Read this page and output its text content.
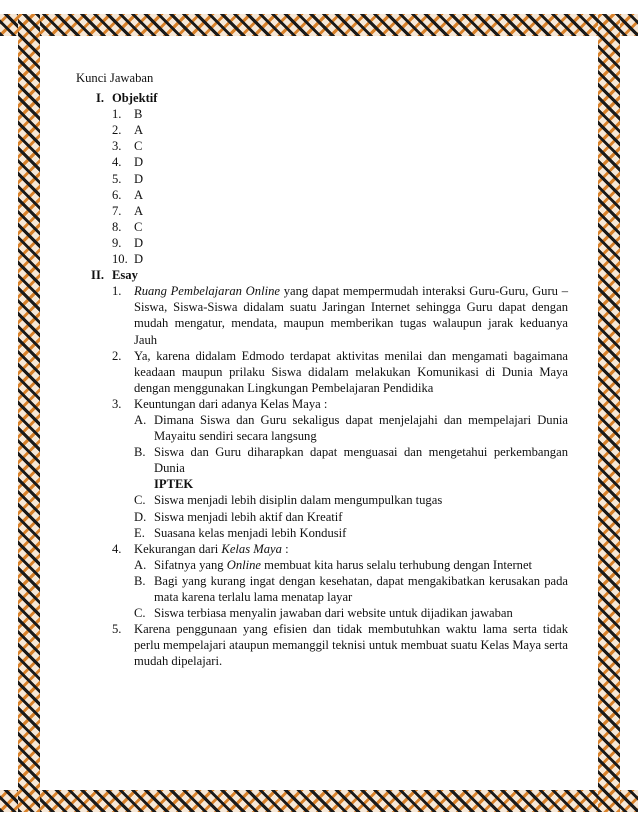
Kunci Jawaban
I. Objektif
1. B
2. A
3. C
4. D
5. D
6. A
7. A
8. C
9. D
10. D
II. Esay
1. Ruang Pembelajaran Online yang dapat mempermudah interaksi Guru-Guru, Guru – Siswa, Siswa-Siswa didalam suatu Jaringan Internet sehingga Guru dapat dengan mudah mengatur, mendata, maupun memberikan tugas walaupun jarak keduanya Jauh
2. Ya, karena didalam Edmodo terdapat aktivitas menilai dan mengamati bagaimana keadaan maupun prilaku Siswa didalam melakukan Komunikasi di Dunia Maya dengan menggunakan Lingkungan Pembelajaran Pendidika
3. Keuntungan dari adanya Kelas Maya :
A. Dimana Siswa dan Guru sekaligus dapat menjelajahi dan mempelajari Dunia Mayaitu sendiri secara langsung
B. Siswa dan Guru diharapkan dapat menguasai dan mengetahui perkembangan Dunia
IPTEK
C. Siswa menjadi lebih disiplin dalam mengumpulkan tugas
D. Siswa menjadi lebih aktif dan Kreatif
E. Suasana kelas menjadi lebih Kondusif
4. Kekurangan dari Kelas Maya :
A. Sifatnya yang Online membuat kita harus selalu terhubung dengan Internet
B. Bagi yang kurang ingat dengan kesehatan, dapat mengakibatkan kerusakan pada mata karena terlalu lama menatap layar
C. Siswa terbiasa menyalin jawaban dari website untuk dijadikan jawaban
5. Karena penggunaan yang efisien dan tidak membutuhkan waktu lama serta tidak perlu mempelajari ataupun memanggil teknisi untuk membuat suatu Kelas Maya serta mudah dipelajari.
